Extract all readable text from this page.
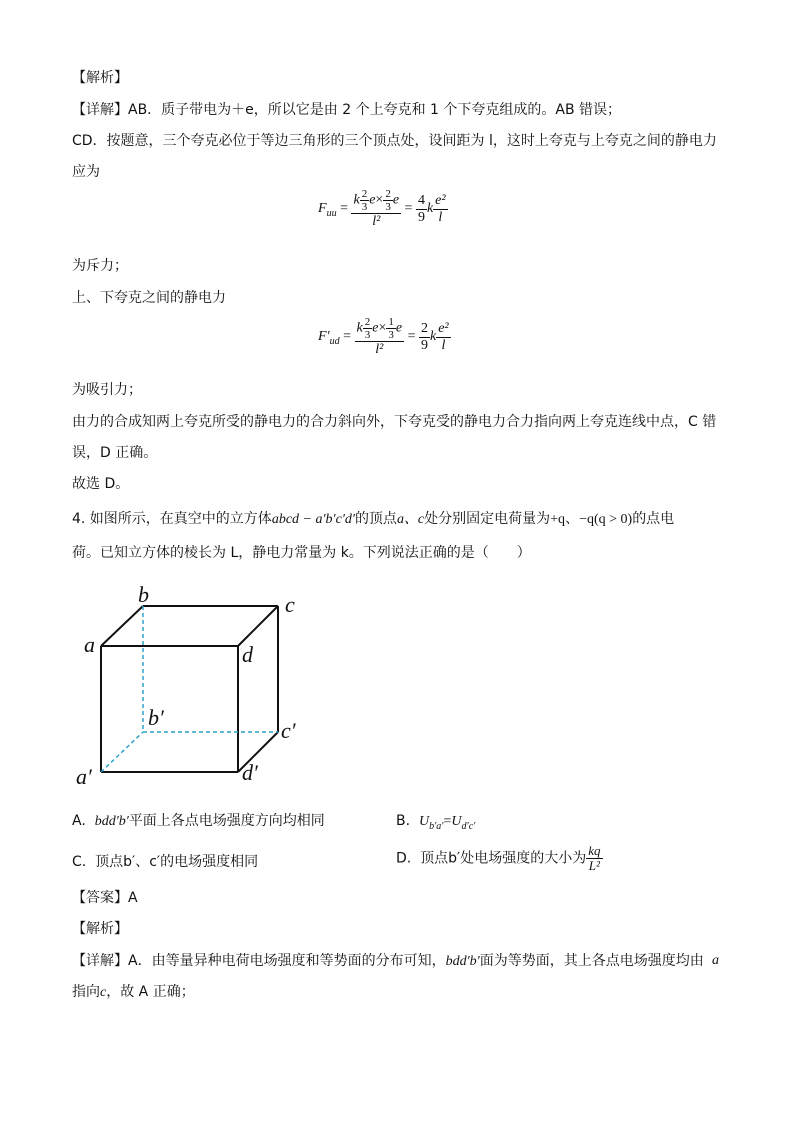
【解析】
【详解】AB．质子带电为＋e，所以它是由 2 个上夸克和 1 个下夸克组成的。AB 错误；
CD．按题意，三个夸克必位于等边三角形的三个顶点处，设间距为 l，这时上夸克与上夸克之间的静电力
应为
$F_{uu} = \frac{k \frac{2}{3} e\times \frac{2}{3} e}{\text{l²}} = \frac{4}{9}$ k $\frac{\text{e²}}{l}$
为斥力；
上、下夸克之间的静电力
$F'_{ud} = \frac{k \frac{2}{3} e\times \frac{1}{3} e}{\text{l²}} = \frac{2}{9}$ k $\frac{\text{e²}}{l}$
为吸引力；
由力的合成知两上夸克所受的静电力的合力斜向外，下夸克受的静电力合力指向两上夸克连线中点，C 错
误，D 正确。
故选 D。
4. 如图所示，在真空中的立方体abcd − a′b′c′d′的顶点a、c处分别固定电荷量为+q、−q(q > 0)的点电
荷。已知立方体的棱长为 L，静电力常量为 k。下列说法正确的是（　　）
a
b	c
d
a′
b′
c′
d′
A. bdd′b′平面上各点电场强度方向均相同	B. $U_{b'a'}=U_{d'c'}$
C. 顶点b′、c′的电场强度相同	D. 顶点b′处电场强度的大小为 $\frac{kq}{\text{L²}}$
【答案】A
【解析】
【详解】A．由等量异种电荷电场强度和等势面的分布可知，bdd′b′面为等势面，其上各点电场强度均由 a
指向c，故 A 正确；
